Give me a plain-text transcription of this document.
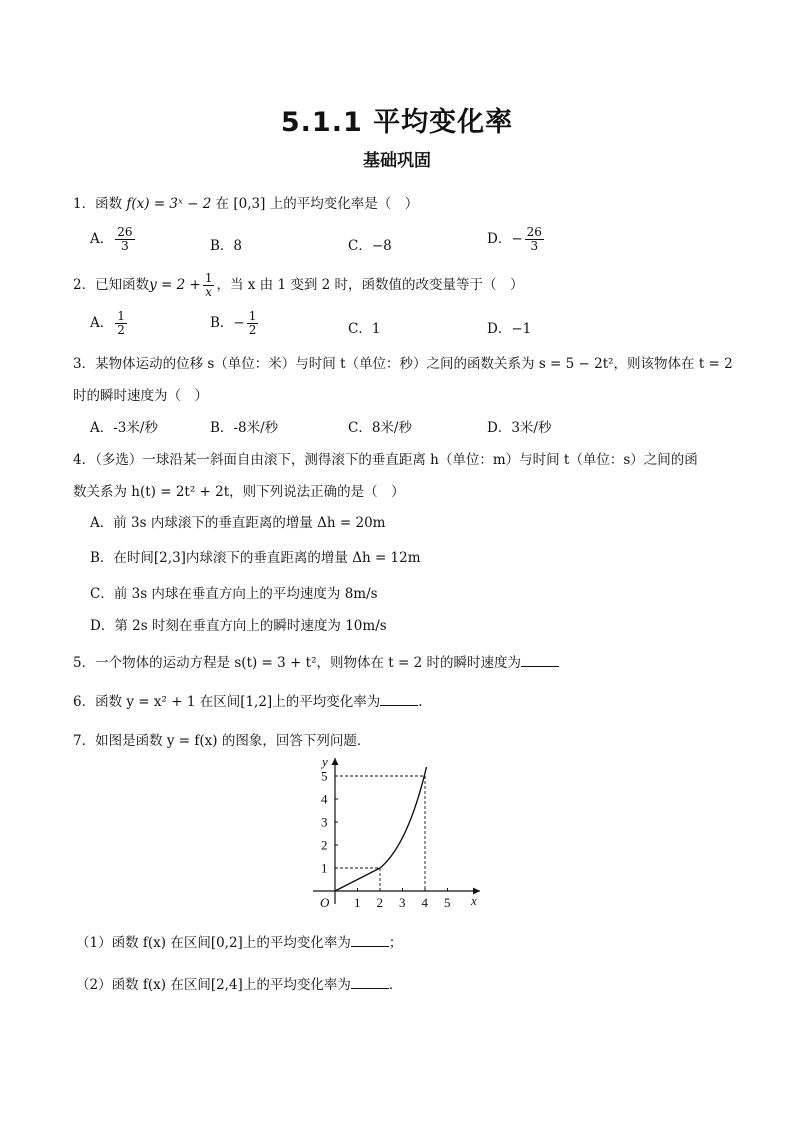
5.1.1 平均变化率
基础巩固
1．函数 f(x) = 3ˣ − 2 在 [0,3] 上的平均变化率是（　）
A． $\frac{26}{3}$	B．8	C．−8	D．− $\frac{26}{3}$
2．已知函数$y = 2 + \frac{1}{x}$ ，当 x 由 1 变到 2 时，函数值的改变量等于（　）
A． $\frac{1}{2}$	B．− $\frac{1}{2}$	C．1	D．−1
3．某物体运动的位移 s（单位：米）与时间 t（单位：秒）之间的函数关系为 s = 5 − 2t²，则该物体在 t = 2
时的瞬时速度为（　）
A．-3米/秒	B．-8米/秒	C．8米/秒	D．3米/秒
4．（多选）一球沿某一斜面自由滚下，测得滚下的垂直距离 h（单位：m）与时间 t（单位：s）之间的函
数关系为 h(t) = 2t² + 2t，则下列说法正确的是（　）
A．前 3s 内球滚下的垂直距离的增量 Δh = 20m
B．在时间[2,3]内球滚下的垂直距离的增量 Δh = 12m
C．前 3s 内球在垂直方向上的平均速度为 8m/s
D．第 2s 时刻在垂直方向上的瞬时速度为 10m/s
5．一个物体的运动方程是 s(t) = 3 + t²，则物体在 t = 2 时的瞬时速度为
6．函数 y = x² + 1 在区间[1,2]上的平均变化率为	.
7．如图是函数 y = f(x) 的图象，回答下列问题．
x
y
O 1 2 3 4 5
1
2
3
4
5
（1）函数 f(x) 在区间[0,2]上的平均变化率为	；
（2）函数 f(x) 在区间[2,4]上的平均变化率为	．
